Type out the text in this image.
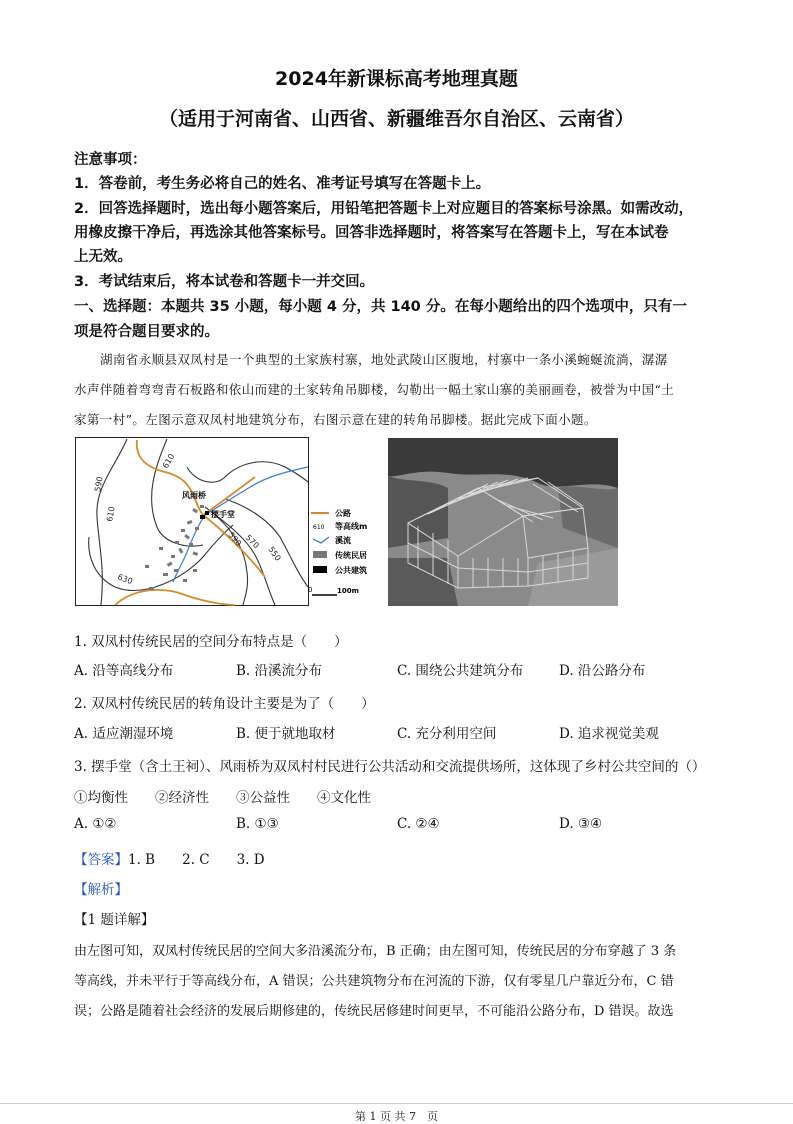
2024年新课标高考地理真题
（适用于河南省、山西省、新疆维吾尔自治区、云南省）
注意事项：
1．答卷前，考生务必将自己的姓名、准考证号填写在答题卡上。
2．回答选择题时，选出每小题答案后，用铅笔把答题卡上对应题目的答案标号涂黑。如需改动，
用橡皮擦干净后，再选涂其他答案标号。回答非选择题时，将答案写在答题卡上，写在本试卷
上无效。
3．考试结束后，将本试卷和答题卡一并交回。
一、选择题：本题共 35 小题，每小题 4 分，共 140 分。在每小题给出的四个选项中，只有一
项是符合题目要求的。
湖南省永顺县双凤村是一个典型的土家族村寨，地处武陵山区腹地，村寨中一条小溪蜿蜒流淌，潺潺
水声伴随着弯弯青石板路和依山而建的土家转角吊脚楼，勾勒出一幅土家山寨的美丽画卷，被誉为中国“土
家第一村”。左图示意双凤村地建筑分布，右图示意在建的转角吊脚楼。据此完成下面小题。
610
590
610
630
570
550
590
风雨桥
摆手堂	公路
610 等高线m
溪流
传统民居
公共建筑
0	100m
1. 双凤村传统民居的空间分布特点是（　　）
A. 沿等高线分布	B. 沿溪流分布	C. 围绕公共建筑分布	D. 沿公路分布
2. 双凤村传统民居的转角设计主要是为了（　　）
A. 适应潮湿环境	B. 便于就地取材	C. 充分利用空间	D. 追求视觉美观
3. 摆手堂（含土王祠）、风雨桥为双凤村村民进行公共活动和交流提供场所，这体现了乡村公共空间的（）
①均衡性　　②经济性　　③公益性　　④文化性
A. ①②	B. ①③	C. ②④	D. ③④
【答案】1. B　　2. C　　3. D
【解析】
【1 题详解】
由左图可知，双凤村传统民居的空间大多沿溪流分布，B 正确；由左图可知，传统民居的分布穿越了 3 条
等高线，并未平行于等高线分布，A 错误；公共建筑物分布在河流的下游，仅有零星几户靠近分布，C 错
误；公路是随着社会经济的发展后期修建的，传统民居修建时间更早，不可能沿公路分布，D 错误。故选
第 1 页 共 7　页
